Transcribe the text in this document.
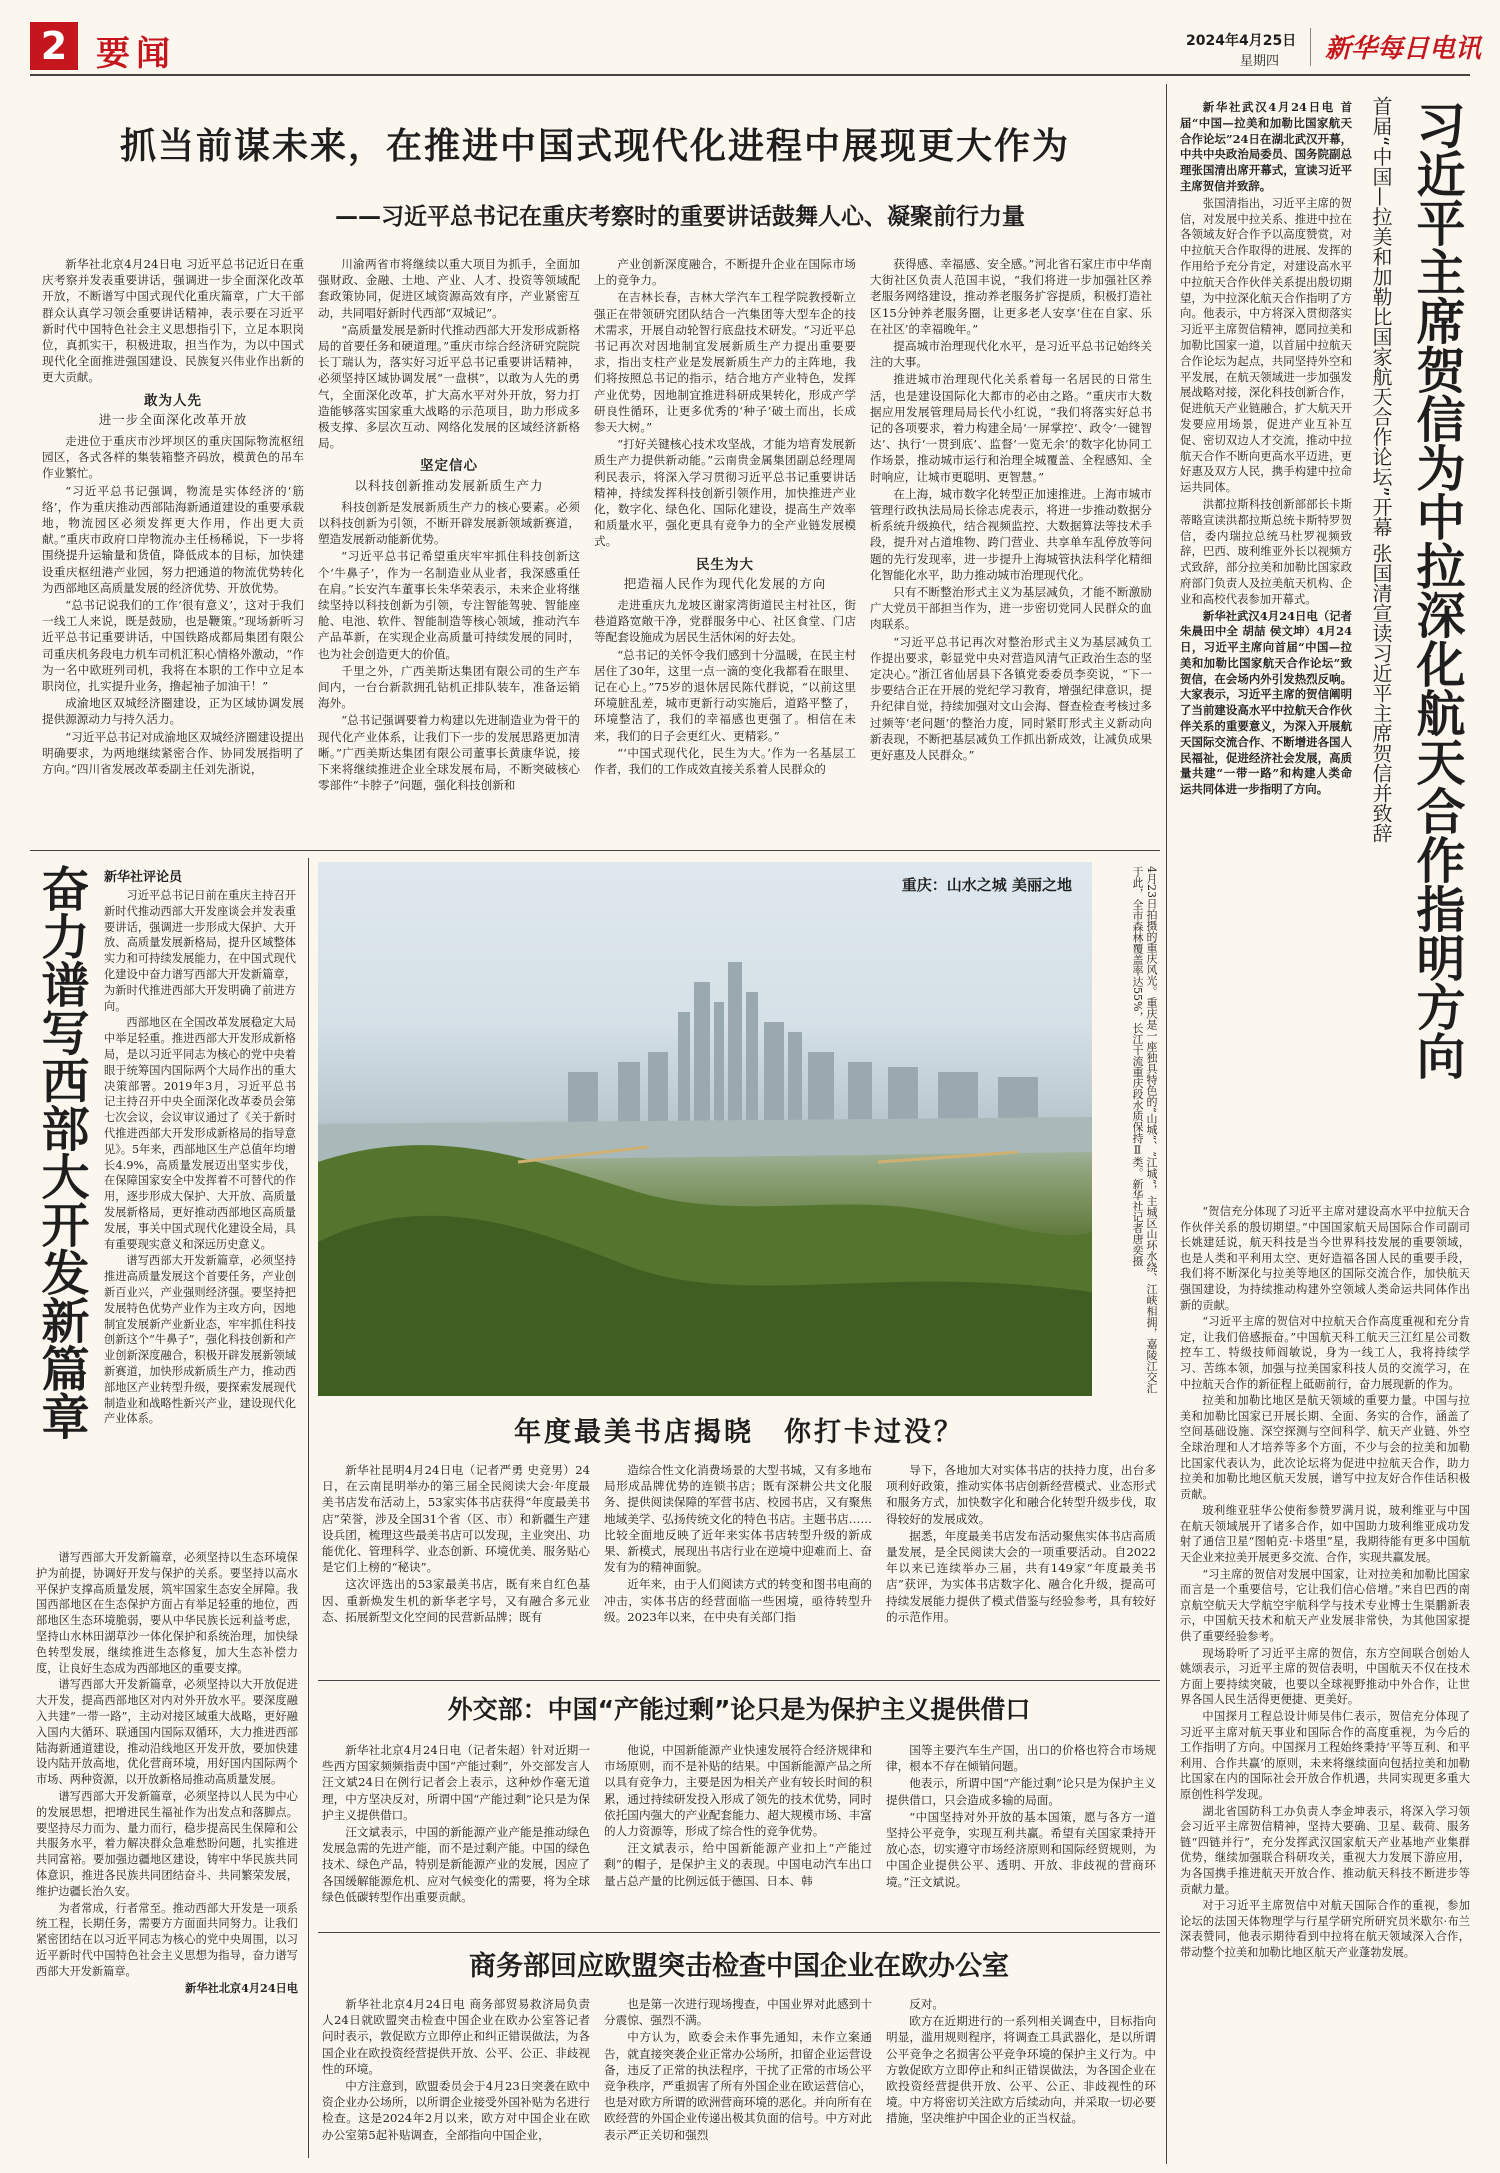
2 要闻	2024年4月25日
星期四 新华每日电讯
抓当前谋未来，在推进中国式现代化进程中展现更大作为
——习近平总书记在重庆考察时的重要讲话鼓舞人心、凝聚前行力量

新华社北京4月24日电 习近平总书记近日在重庆考察并发表重要讲话，强调进一步全面深化改革开放，不断谱写中国式现代化重庆篇章，广大干部群众认真学习领会重要讲话精神，表示要在习近平新时代中国特色社会主义思想指引下，立足本职岗位，真抓实干，积极进取，担当作为，为以中国式现代化全面推进强国建设、民族复兴伟业作出新的更大贡献。

敢为人先
进一步全面深化改革开放

走进位于重庆市沙坪坝区的重庆国际物流枢纽园区，各式各样的集装箱整齐码放，模黄色的吊车作业繁忙。

“习近平总书记强调，物流是实体经济的‘筋络’，作为重庆推动西部陆海新通道建设的重要承载地，物流园区必须发挥更大作用，作出更大贡献。”重庆市政府口岸物流办主任杨稀说，下一步将围绕提升运输量和货值，降低成本的目标，加快建设重庆枢纽港产业园，努力把通道的物流优势转化为西部地区高质量发展的经济优势、开放优势。

“总书记说我们的工作‘很有意义’，这对于我们一线工人来说，既是鼓励，也是鞭策。”现场新听习近平总书记重要讲话，中国铁路成都局集团有限公司重庆机务段电力机车司机汇积心情格外激动，“作为一名中欧班列司机，我将在本职的工作中立足本职岗位，扎实提升业务，撸起袖子加油干！”

成渝地区双城经济圈建设，正为区域协调发展提供源源动力与持久活力。

“习近平总书记对成渝地区双城经济圈建设提出明确要求，为两地继续紧密合作、协同发展指明了方向。”四川省发展改革委副主任刘先浙说，

川渝两省市将继续以重大项目为抓手，全面加强财政、金融、土地、产业、人才、投资等领域配套政策协同，促进区域资源高效有序，产业紧密互动，共同唱好新时代西部“双城记”。

“高质量发展是新时代推动西部大开发形成新格局的首要任务和硬道理。”重庆市综合经济研究院院长丁瑞认为，落实好习近平总书记重要讲话精神，必须坚持区域协调发展“一盘棋”，以敢为人先的勇气，全面深化改革，扩大高水平对外开放，努力打造能够落实国家重大战略的示范项目，助力形成多极支撑、多层次互动、网络化发展的区域经济新格局。

坚定信心
以科技创新推动发展新质生产力

科技创新是发展新质生产力的核心要素。必须以科技创新为引领，不断开辟发展新领域新赛道，塑造发展新动能新优势。

“习近平总书记希望重庆牢牢抓住科技创新这个‘牛鼻子’，作为一名制造业从业者，我深感重任在肩。”长安汽车董事长朱华荣表示，未来企业将继续坚持以科技创新为引领，专注智能驾驶、智能座舱、电池、软件、智能制造等核心领域，推动汽车产品革新，在实现企业高质量可持续发展的同时，也为社会创造更大的价值。

千里之外，广西美斯达集团有限公司的生产车间内，一台台新款拥孔钻机正排队装车，准备运销海外。

“总书记强调要着力构建以先进制造业为骨干的现代化产业体系，让我们下一步的发展思路更加清晰。”广西美斯达集团有限公司董事长黄康华说，接下来将继续推进企业全球发展布局，不断突破核心零部件“卡脖子”问题，强化科技创新和

产业创新深度融合，不断提升企业在国际市场上的竞争力。

在吉林长春，吉林大学汽车工程学院教授靳立强正在带领研究团队结合一汽集团等大型车企的技术需求，开展自动轮智行底盘技术研发。“习近平总书记再次对因地制宜发展新质生产力提出重要要求，指出支柱产业是发展新质生产力的主阵地，我们将按照总书记的指示，结合地方产业特色，发挥产业优势，因地制宜推进科研成果转化，形成产学研良性循环，让更多优秀的‘种子’破土而出，长成参天大树。”

“打好关键核心技术攻坚战，才能为培育发展新质生产力提供新动能。”云南贵金属集团副总经理周利民表示，将深入学习贯彻习近平总书记重要讲话精神，持续发挥科技创新引领作用，加快推进产业化，数字化、绿色化、国际化建设，提高生产效率和质量水平，强化更具有竞争力的全产业链发展模式。

民生为大
把造福人民作为现代化发展的方向

走进重庆九龙坡区谢家湾街道民主村社区，街巷道路宽敞干净，党群服务中心、社区食堂、门店等配套设施成为居民生活休闲的好去处。

“总书记的关怀令我们感到十分温暖，在民主村居住了30年，这里一点一滴的变化我都看在眼里、记在心上。”75岁的退休居民陈代群说，“以前这里环境脏乱差，城市更新行动实施后，道路平整了，环境整洁了，我们的幸福感也更强了。相信在未来，我们的日子会更红火、更精彩。”

“‘中国式现代化，民生为大。’作为一名基层工作者，我们的工作成效直接关系着人民群众的

获得感、幸福感、安全感。”河北省石家庄市中华南大街社区负责人范国丰说，“我们将进一步加强社区养老服务网络建设，推动养老服务扩容提质，积极打造社区15分钟养老服务圈，让更多老人安享‘住在自家、乐在社区’的幸福晚年。”

提高城市治理现代化水平，是习近平总书记始终关注的大事。

推进城市治理现代化关系着每一名居民的日常生活，也是建设国际化大都市的必由之路。“重庆市大数据应用发展管理局局长代小红说，“我们将落实好总书记的各项要求，着力构建全局‘一屏掌控’、政令‘一键智达’、执行‘一贯到底’、监督‘一览无余’的数字化协同工作场景，推动城市运行和治理全城覆盖、全程感知、全时响应，让城市更聪明、更智慧。”

在上海，城市数字化转型正加速推进。上海市城市管理行政执法局局长徐志虎表示，将进一步推动数据分析系统升级换代，结合视频监控、大数据算法等技术手段，提升对占道堆物、跨门营业、共享单车乱停放等问题的先行发现率，进一步提升上海城管执法科学化精细化智能化水平，助力推动城市治理现代化。

只有不断整治形式主义为基层减负，才能不断激励广大党员干部担当作为，进一步密切党同人民群众的血肉联系。

“习近平总书记再次对整治形式主义为基层减负工作提出要求，彰显党中央对营造风清气正政治生态的坚定决心。”浙江省仙居县下各镇党委委员李奕说，“下一步要结合正在开展的党纪学习教育，增强纪律意识，提升纪律自觉，持续加强对文山会海、督查检查考核过多过频等‘老问题’的整治力度，同时紧盯形式主义新动向新表现，不断把基层减负工作抓出新成效，让减负成果更好惠及人民群众。”

奋力谱写西部大开发新篇章 新华社评论员

习近平总书记日前在重庆主持召开新时代推动西部大开发座谈会并发表重要讲话，强调进一步形成大保护、大开放、高质量发展新格局，提升区域整体实力和可持续发展能力，在中国式现代化建设中奋力谱写西部大开发新篇章，为新时代推进西部大开发明确了前进方向。

西部地区在全国改革发展稳定大局中举足轻重。推进西部大开发形成新格局，是以习近平同志为核心的党中央着眼于统筹国内国际两个大局作出的重大决策部署。2019年3月，习近平总书记主持召开中央全面深化改革委员会第七次会议，会议审议通过了《关于新时代推进西部大开发形成新格局的指导意见》。5年来，西部地区生产总值年均增长4.9%，高质量发展迈出坚实步伐，在保障国家安全中发挥着不可替代的作用，逐步形成大保护、大开放、高质量发展新格局，更好推动西部地区高质量发展，事关中国式现代化建设全局，具有重要现实意义和深远历史意义。

谱写西部大开发新篇章，必须坚持推进高质量发展这个首要任务，产业创新百业兴，产业强则经济强。要坚持把发展特色优势产业作为主攻方向，因地制宜发展新产业新业态，牢牢抓住科技创新这个“牛鼻子”，强化科技创新和产业创新深度融合，积极开辟发展新领域新赛道，加快形成新质生产力，推动西部地区产业转型升级，要探索发展现代制造业和战略性新兴产业，建设现代化产业体系。

谱写西部大开发新篇章，必须坚持以生态环境保护为前提，协调好开发与保护的关系。要坚持以高水平保护支撑高质量发展，筑牢国家生态安全屏障。我国西部地区在生态保护方面占有举足轻重的地位，西部地区生态环境脆弱，要从中华民族长远利益考虑，坚持山水林田湖草沙一体化保护和系统治理，加快绿色转型发展，继续推进生态修复，加大生态补偿力度，让良好生态成为西部地区的重要支撑。

谱写西部大开发新篇章，必须坚持以大开放促进大开发，提高西部地区对内对外开放水平。要深度融入共建“一带一路”，主动对接区域重大战略，更好融入国内大循环、联通国内国际双循环，大力推进西部陆海新通道建设，推动沿线地区开发开放，要加快建设内陆开放高地，优化营商环境，用好国内国际两个市场、两种资源，以开放新格局推动高质量发展。

谱写西部大开发新篇章，必须坚持以人民为中心的发展思想，把增进民生福祉作为出发点和落脚点。要坚持尽力而为、量力而行，稳步提高民生保障和公共服务水平，着力解决群众急难愁盼问题，扎实推进共同富裕。要加强边疆地区建设，铸牢中华民族共同体意识，推进各民族共同团结奋斗、共同繁荣发展，维护边疆长治久安。

为者常成，行者常至。推动西部大开发是一项系统工程，长期任务，需要方方面面共同努力。让我们紧密团结在以习近平同志为核心的党中央周围，以习近平新时代中国特色社会主义思想为指导，奋力谱写西部大开发新篇章。

新华社北京4月24日电

重庆：山水之城 美丽之地	4月23日拍摄的重庆风光。重庆是一座独具特色的“山城”、“江城”，主城区山环水绕、江峡相拥，嘉陵江交汇于此，全市森林覆盖率达55%，长江干流重庆段水质保持Ⅱ类。新华社记者唐奕摄
年度最美书店揭晓　你打卡过没？

新华社昆明4月24日电（记者严勇 史竞男）24日，在云南昆明举办的第三届全民阅读大会·年度最美书店发布活动上，53家实体书店获得“年度最美书店”荣誉，涉及全国31个省（区、市）和新疆生产建设兵团，梳理这些最美书店可以发现，主业突出、功能优化、管理科学、业态创新、环境优美、服务贴心是它们上榜的“秘诀”。

这次评选出的53家最美书店，既有来自红色基因、重新焕发生机的新华老字号，又有融合多元业态、拓展新型文化空间的民营新品牌；既有

造综合性文化消费场景的大型书城，又有多地布局形成品牌优势的连锁书店；既有深耕公共文化服务、提供阅读保障的军营书店、校园书店，又有聚焦地域美学、弘扬传统文化的特色书店。主题书店……比较全面地反映了近年来实体书店转型升级的新成果、新模式，展现出书店行业在逆境中迎难而上、奋发有为的精神面貌。

近年来，由于人们阅读方式的转变和图书电商的冲击，实体书店的经营面临一些困境，亟待转型升级。2023年以来，在中央有关部门指

导下，各地加大对实体书店的扶持力度，出台多项利好政策，推动实体书店创新经营模式、业态形式和服务方式，加快数字化和融合化转型升级步伐，取得较好的发展成效。

据悉，年度最美书店发布活动聚焦实体书店高质量发展，是全民阅读大会的一项重要活动。自2022年以来已连续举办三届，共有149家“年度最美书店”获评，为实体书店数字化、融合化升级，提高可持续发展能力提供了模式借鉴与经验参考，具有较好的示范作用。

外交部：中国“产能过剩”论只是为保护主义提供借口

新华社北京4月24日电（记者朱超）针对近期一些西方国家频频指责中国“产能过剩”，外交部发言人汪文斌24日在例行记者会上表示，这种炒作毫无道理，中方坚决反对，所谓中国“产能过剩”论只是为保护主义提供借口。

汪文斌表示，中国的新能源产业产能是推动绿色发展急需的先进产能，而不是过剩产能。中国的绿色技术、绿色产品，特别是新能源产业的发展，因应了各国缓解能源危机、应对气候变化的需要，将为全球绿色低碳转型作出重要贡献。

他说，中国新能源产业快速发展符合经济规律和市场原则，而不是补贴的结果。中国新能源产品之所以具有竞争力，主要是因为相关产业有较长时间的积累，通过持续研发投入形成了领先的技术优势，同时依托国内强大的产业配套能力、超大规模市场、丰富的人力资源等，形成了综合性的竞争优势。

汪文斌表示，给中国新能源产业扣上“产能过剩”的帽子，是保护主义的表现。中国电动汽车出口量占总产量的比例远低于德国、日本、韩

国等主要汽车生产国，出口的价格也符合市场规律，根本不存在倾销问题。

他表示，所谓中国“产能过剩”论只是为保护主义提供借口，只会造成多输的局面。

“中国坚持对外开放的基本国策，愿与各方一道坚持公平竞争，实现互利共赢。希望有关国家秉持开放心态，切实遵守市场经济原则和国际经贸规则，为中国企业提供公平、透明、开放、非歧视的营商环境。”汪文斌说。

商务部回应欧盟突击检查中国企业在欧办公室

新华社北京4月24日电 商务部贸易救济局负责人24日就欧盟突击检查中国企业在欧办公室答记者问时表示，敦促欧方立即停止和纠正错误做法，为各国企业在欧投资经营提供开放、公平、公正、非歧视性的环境。

中方注意到，欧盟委员会于4月23日突袭在欧中资企业办公场所，以所谓企业接受外国补贴为名进行检查。这是2024年2月以来，欧方对中国企业在欧办公室第5起补贴调查，全部指向中国企业，

也是第一次进行现场搜查，中国业界对此感到十分震惊、强烈不满。

中方认为，欧委会未作事先通知，未作立案通告，就直接突袭企业正常办公场所，扣留企业运营设备，违反了正常的执法程序，干扰了正常的市场公平竞争秩序，严重损害了所有外国企业在欧运营信心，也是对欧方所谓的欧洲营商环境的恶化。并向所有在欧经营的外国企业传递出极其负面的信号。中方对此表示严正关切和强烈

反对。

欧方在近期进行的一系列相关调查中，目标指向明显，滥用规则程序，将调查工具武器化，是以所谓公平竞争之名损害公平竞争环境的保护主义行为。中方敦促欧方立即停止和纠正错误做法，为各国企业在欧投资经营提供开放、公平、公正、非歧视性的环境。中方将密切关注欧方后续动向，并采取一切必要措施，坚决维护中国企业的正当权益。

新华社武汉4月24日电 首届“中国—拉美和加勒比国家航天合作论坛”24日在湖北武汉开幕，中共中央政治局委员、国务院副总理张国清出席开幕式，宣读习近平主席贺信并致辞。

张国清指出，习近平主席的贺信，对发展中拉关系、推进中拉在各领域友好合作予以高度赞赏，对中拉航天合作取得的进展、发挥的作用给予充分肯定，对建设高水平中拉航天合作伙伴关系提出殷切期望，为中拉深化航天合作指明了方向。他表示，中方将深入贯彻落实习近平主席贺信精神，愿同拉美和加勒比国家一道，以首届中拉航天合作论坛为起点，共同坚持外空和平发展，在航天领域进一步加强发展战略对接，深化科技创新合作，促进航天产业链融合，扩大航天开发要应用场景，促进产业互补互促、密切双边人才交流，推动中拉航天合作不断向更高水平迈进，更好惠及双方人民，携手构建中拉命运共同体。

洪都拉斯科技创新部部长卡斯蒂略宣读洪都拉斯总统卡斯特罗贺信，委内瑞拉总统马杜罗视频致辞，巴西、玻利维亚外长以视频方式致辞，部分拉美和加勒比国家政府部门负责人及拉美航天机构、企业和高校代表参加开幕式。

新华社武汉4月24日电（记者朱晨田中全 胡喆 侯文坤）4月24日，习近平主席向首届“中国—拉美和加勒比国家航天合作论坛”致贺信，在会场内外引发热烈反响。大家表示，习近平主席的贺信阐明了当前建设高水平中拉航天合作伙伴关系的重要意义，为深入开展航天国际交流合作、不断增进各国人民福祉，促进经济社会发展，高质量共建“一带一路”和构建人类命运共同体进一步指明了方向。	首届“中国—拉美和加勒比国家航天合作论坛”开幕 张国清宣读习近平主席贺信并致辞 习近平主席贺信为中拉深化航天合作指明方向

“贺信充分体现了习近平主席对建设高水平中拉航天合作伙伴关系的殷切期望。”中国国家航天局国际合作司副司长姚建廷说，航天科技是当今世界科技发展的重要领域，也是人类和平利用太空、更好造福各国人民的重要手段，我们将不断深化与拉美等地区的国际交流合作，加快航天强国建设，为持续推动构建外空领域人类命运共同体作出新的贡献。

“习近平主席的贺信对中拉航天合作高度重视和充分肯定，让我们倍感振奋。”中国航天科工航天三江红星公司数控车工、特级技师阎敏说，身为一线工人，我将持续学习、苦练本领，加强与拉美国家科技人员的交流学习，在中拉航天合作的新征程上砥砺前行，奋力展现新的作为。

拉美和加勒比地区是航天领域的重要力量。中国与拉美和加勒比国家已开展长期、全面、务实的合作，涵盖了空间基础设施、深空探测与空间科学、航天产业链、外空全球治理和人才培养等多个方面，不少与会的拉美和加勒比国家代表认为，此次论坛将为促进中拉航天合作，助力拉美和加勒比地区航天发展，谱写中拉友好合作佳话积极贡献。

玻利维亚驻华公使衔参赞罗满月说，玻利维亚与中国在航天领域展开了诸多合作，如中国助力玻利维亚成功发射了通信卫星“图帕克·卡塔里”星，我期待能有更多中国航天企业来拉美开展更多交流、合作，实现共赢发展。

“习主席的贺信对发展中国家，让对拉美和加勒比国家而言是一个重要信号，它让我们信心倍增。”来自巴西的南京航空航天大学航空宇航科学与技术专业博士生渠鹏新表示，中国航天技术和航天产业发展非常快，为其他国家提供了重要经验参考。

现场聆听了习近平主席的贺信，东方空间联合创始人姚颂表示，习近平主席的贺信表明，中国航天不仅在技术方面上要持续突破，也要以全球视野推动中外合作，让世界各国人民生活得更便捷、更美好。

中国探月工程总设计师吴伟仁表示，贺信充分体现了习近平主席对航天事业和国际合作的高度重视，为今后的工作指明了方向。中国探月工程始终秉持‘平等互利、和平利用、合作共赢’的原则，未来将继续面向包括拉美和加勒比国家在内的国际社会开放合作机遇，共同实现更多重大原创性科学发现。

湖北省国防科工办负责人李金坤表示，将深入学习领会习近平主席贺信精神，坚持大要确、卫星、载荷、服务链“四链并行”，充分发挥武汉国家航天产业基地产业集群优势，继续加强联合科研攻关，重视大力发展下游应用，为各国携手推进航天开放合作、推动航天科技不断进步等贡献力量。

对于习近平主席贺信中对航天国际合作的重视，参加论坛的法国天体物理学与行星学研究所研究员米歇尔·布兰深表赞同，他表示期待看到中拉将在航天领域深入合作，带动整个拉美和加勒比地区航天产业蓬勃发展。
